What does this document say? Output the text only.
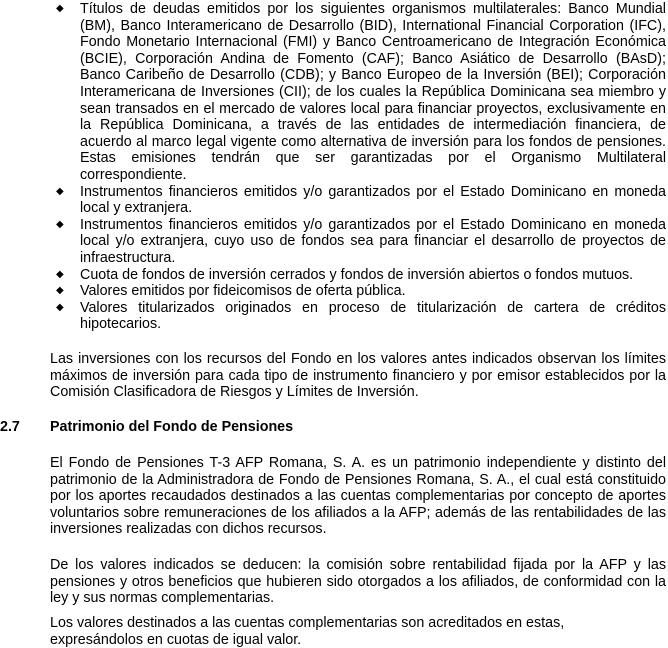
◆	Títulos de deudas emitidos por los siguientes organismos multilaterales: Banco Mundial (BM), Banco Interamericano de Desarrollo (BID), International Financial Corporation (IFC), Fondo Monetario Internacional (FMI) y Banco Centroamericano de Integración Económica (BCIE), Corporación Andina de Fomento (CAF); Banco Asiático de Desarrollo (BAsD); Banco Caribeño de Desarrollo (CDB); y Banco Europeo de la Inversión (BEI); Corporación Interamericana de Inversiones (CII); de los cuales la República Dominicana sea miembro y sean transados en el mercado de valores local para financiar proyectos, exclusivamente en la República Dominicana, a través de las entidades de intermediación financiera, de acuerdo al marco legal vigente como alternativa de inversión para los fondos de pensiones. Estas emisiones tendrán que ser garantizadas por el Organismo Multilateral correspondiente.
◆	Instrumentos financieros emitidos y/o garantizados por el Estado Dominicano en moneda local y extranjera.
◆	Instrumentos financieros emitidos y/o garantizados por el Estado Dominicano en moneda local y/o extranjera, cuyo uso de fondos sea para financiar el desarrollo de proyectos de infraestructura.
◆	Cuota de fondos de inversión cerrados y fondos de inversión abiertos o fondos mutuos.
◆	Valores emitidos por fideicomisos de oferta pública.
◆	Valores titularizados originados en proceso de titularización de cartera de créditos hipotecarios.

Las inversiones con los recursos del Fondo en los valores antes indicados observan los límites máximos de inversión para cada tipo de instrumento financiero y por emisor establecidos por la Comisión Clasificadora de Riesgos y Límites de Inversión.

2.7 Patrimonio del Fondo de Pensiones

El Fondo de Pensiones T-3 AFP Romana, S. A. es un patrimonio independiente y distinto del patrimonio de la Administradora de Fondo de Pensiones Romana, S. A., el cual está constituido por los aportes recaudados destinados a las cuentas complementarias por concepto de aportes voluntarios sobre remuneraciones de los afiliados a la AFP; además de las rentabilidades de las inversiones realizadas con dichos recursos.

De los valores indicados se deducen: la comisión sobre rentabilidad fijada por la AFP y las pensiones y otros beneficios que hubieren sido otorgados a los afiliados, de conformidad con la ley y sus normas complementarias.

Los valores destinados a las cuentas complementarias son acreditados en estas, expresándolos en cuotas de igual valor.
